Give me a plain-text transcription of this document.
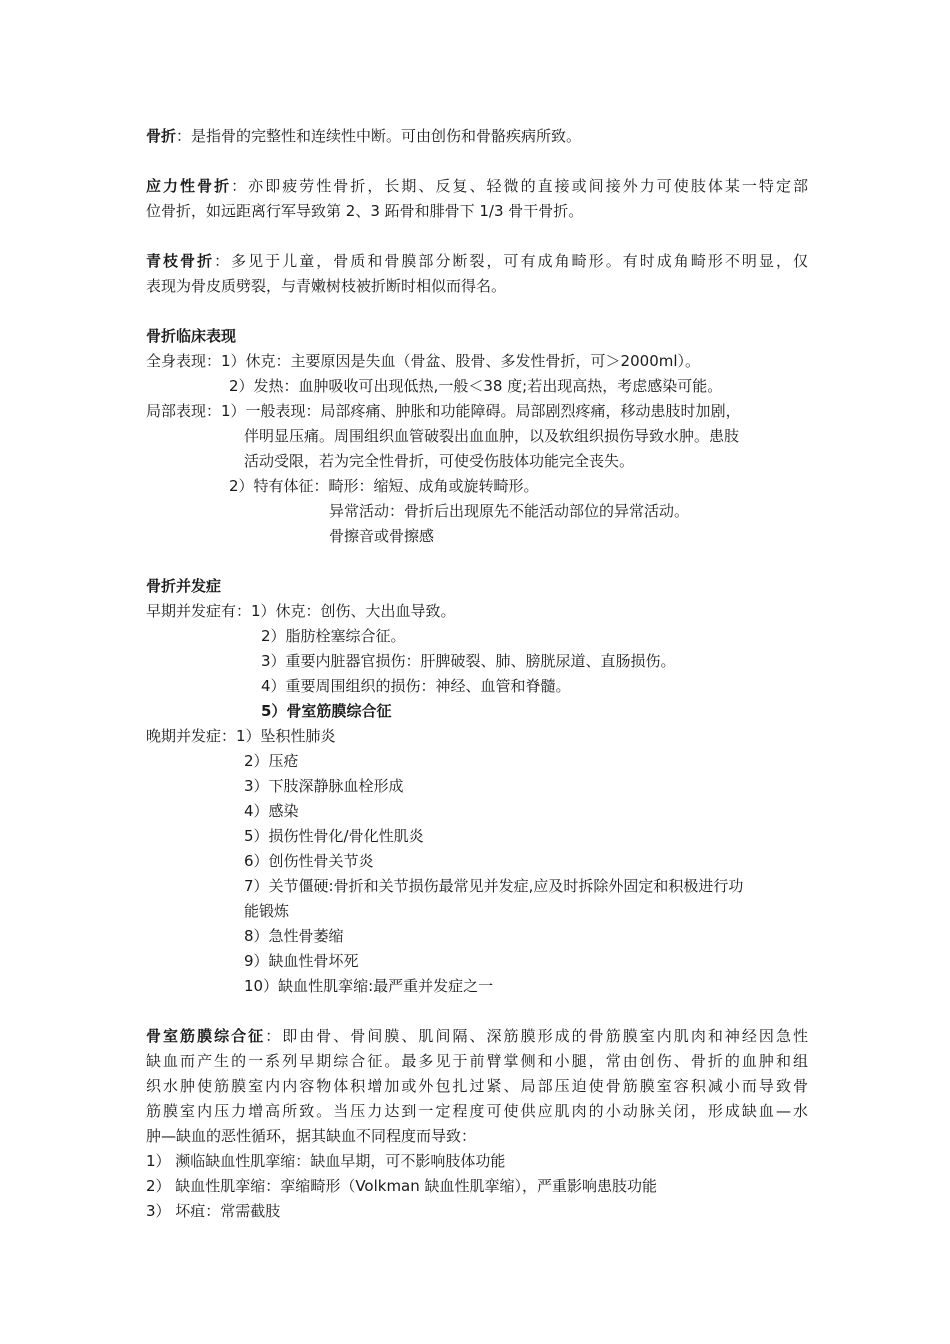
骨折：是指骨的完整性和连续性中断。可由创伤和骨骼疾病所致。
应力性骨折：亦即疲劳性骨折，长期、反复、轻微的直接或间接外力可使肢体某一特定部
位骨折，如远距离行军导致第 2、3 跖骨和腓骨下 1/3 骨干骨折。
青枝骨折：多见于儿童，骨质和骨膜部分断裂，可有成角畸形。有时成角畸形不明显，仅
表现为骨皮质劈裂，与青嫩树枝被折断时相似而得名。
骨折临床表现
全身表现：1）休克：主要原因是失血（骨盆、股骨、多发性骨折，可＞2000ml）。
2）发热：血肿吸收可出现低热,一般＜38 度;若出现高热，考虑感染可能。
局部表现：1）一般表现：局部疼痛、肿胀和功能障碍。局部剧烈疼痛，移动患肢时加剧，
伴明显压痛。周围组织血管破裂出血血肿，以及软组织损伤导致水肿。患肢
活动受限，若为完全性骨折，可使受伤肢体功能完全丧失。
2）特有体征：畸形：缩短、成角或旋转畸形。
异常活动：骨折后出现原先不能活动部位的异常活动。
骨擦音或骨擦感
骨折并发症
早期并发症有：1）休克：创伤、大出血导致。
2）脂肪栓塞综合征。
3）重要内脏器官损伤：肝脾破裂、肺、膀胱尿道、直肠损伤。
4）重要周围组织的损伤：神经、血管和脊髓。
5）骨室筋膜综合征
晚期并发症：1）坠积性肺炎
2）压疮
3）下肢深静脉血栓形成
4）感染
5）损伤性骨化/骨化性肌炎
6）创伤性骨关节炎
7）关节僵硬:骨折和关节损伤最常见并发症,应及时拆除外固定和积极进行功
能锻炼
8）急性骨萎缩
9）缺血性骨坏死
10）缺血性肌挛缩:最严重并发症之一
骨室筋膜综合征：即由骨、骨间膜、肌间隔、深筋膜形成的骨筋膜室内肌肉和神经因急性
缺血而产生的一系列早期综合征。最多见于前臂掌侧和小腿，常由创伤、骨折的血肿和组
织水肿使筋膜室内内容物体积增加或外包扎过紧、局部压迫使骨筋膜室容积减小而导致骨
筋膜室内压力增高所致。当压力达到一定程度可使供应肌肉的小动脉关闭，形成缺血—水
肿—缺血的恶性循环，据其缺血不同程度而导致：
1） 濒临缺血性肌挛缩：缺血早期，可不影响肢体功能
2） 缺血性肌挛缩：挛缩畸形（Volkman 缺血性肌挛缩），严重影响患肢功能
3） 坏疽：常需截肢
